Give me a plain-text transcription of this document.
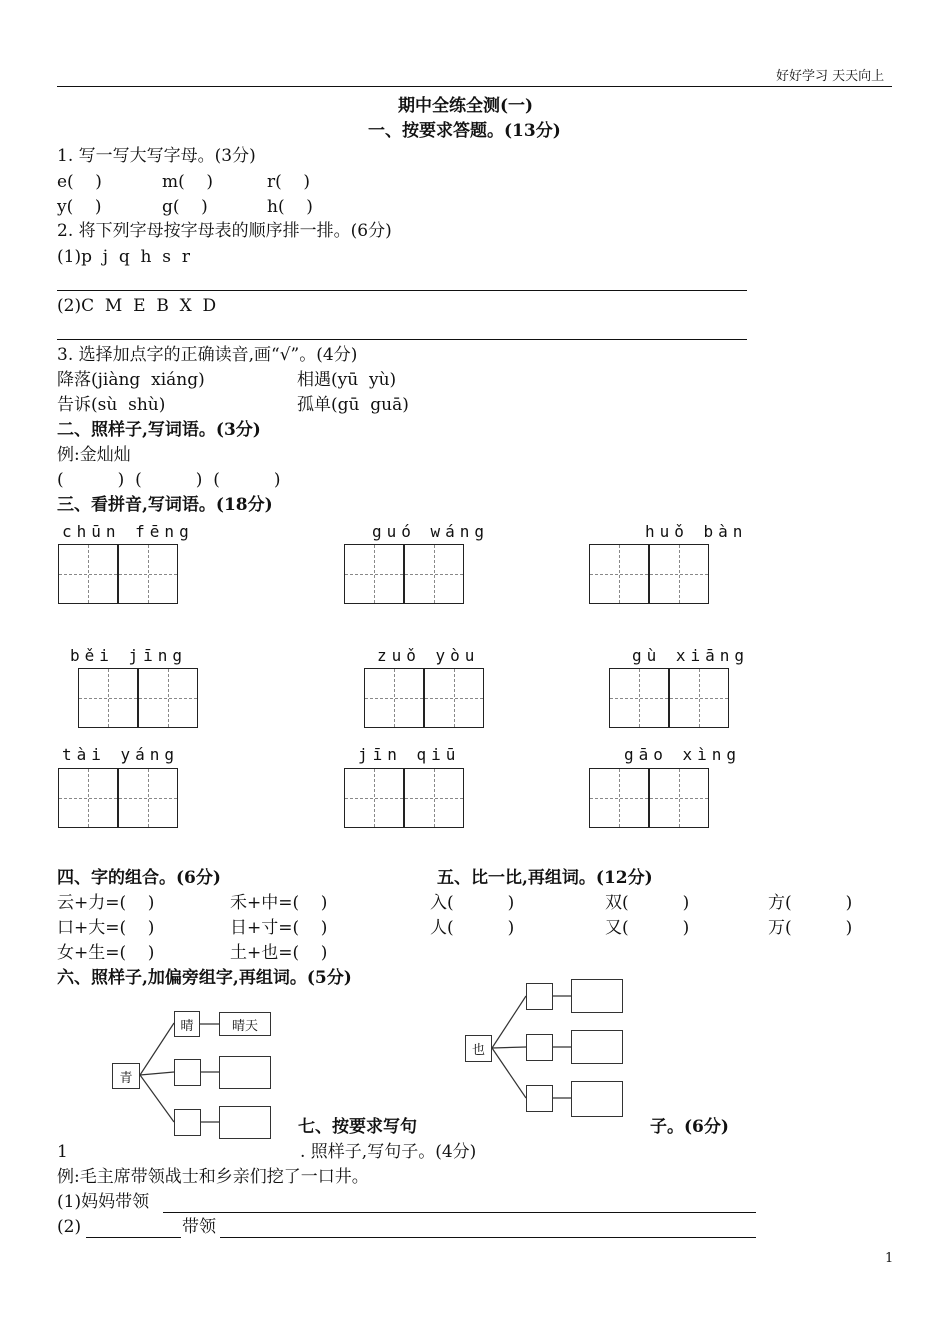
好好学习 天天向上
期中全练全测(一)
一、按要求答题。(13分)
1. 写一写大写字母。(3分)
e(    )	m(    )	r(    )
y(    )	g(    )	h(    )
2. 将下列字母按字母表的顺序排一排。(6分)
(1)p  j  q  h  s  r
(2)C  M  E  B  X  D
3. 选择加点字的正确读音,画“√”。(4分)
降落(jiàng  xiáng)	相遇(yū  yù)
告诉(sù  shù)	孤单(gū  guā)
二、照样子,写词语。(3分)
例:金灿灿
(          )  (          )  (          )
三、看拼音,写词语。(18分)
chūn fēng	guó wáng	huǒ bàn
běi jīng	zuǒ yòu	gù xiāng
tài yáng	jīn qiū	gāo xìng
四、字的组合。(6分)
云+力=(    )	禾+中=(    )
口+大=(    )	日+寸=(    )
女+生=(    )	土+也=(    )
五、比一比,再组词。(12分)
入(          )	双(          )	方(          )
人(          )	又(          )	万(          )
六、照样子,加偏旁组字,再组词。(5分)
青
晴	晴天
也
七、按要求写句	子。(6分)
1	. 照样子,写句子。(4分)
例:毛主席带领战士和乡亲们挖了一口井。
(1)妈妈带领
(2)	带领
1
